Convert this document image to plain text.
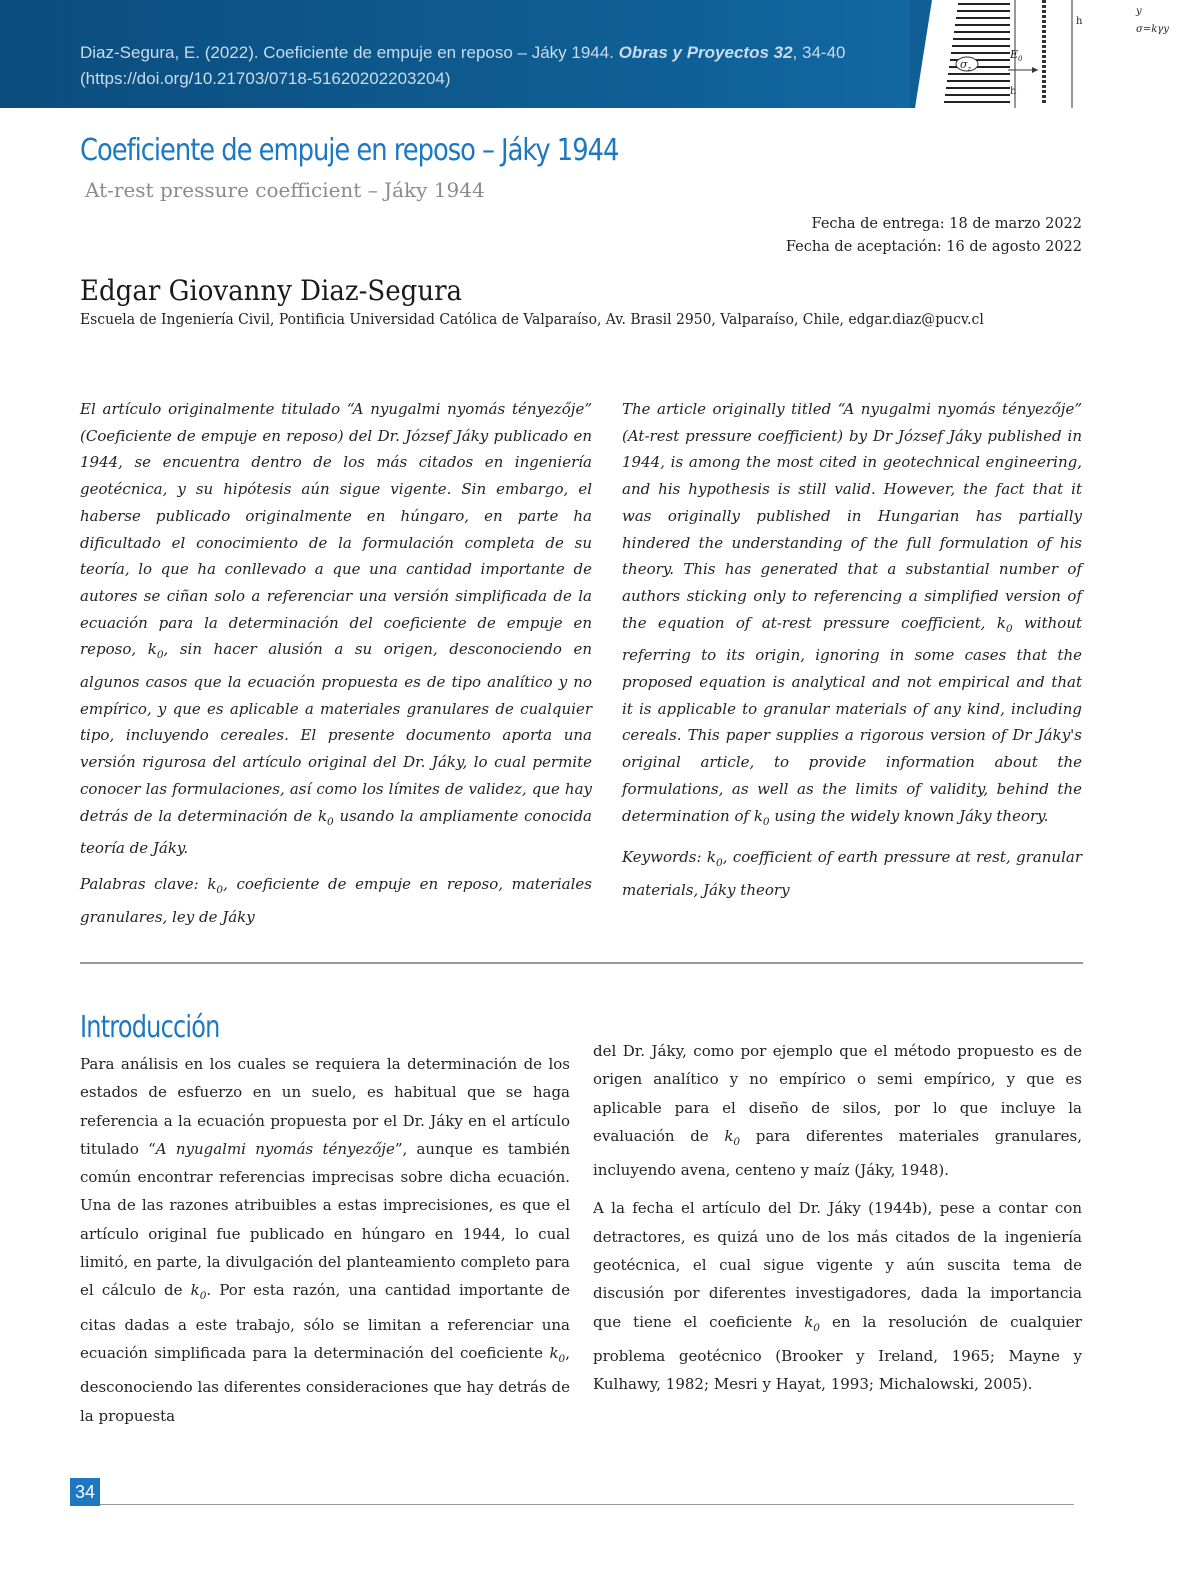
Diaz-Segura, E. (2022). Coeficiente de empuje en reposo – Jáky 1944. Obras y Proyectos 32, 34-40
(https://doi.org/10.21703/0718-51620202203204)
h
$E_0$
$\sigma_z$
h
y
σ=kγy
Coeficiente de empuje en reposo – Jáky 1944
At-rest pressure coefficient – Jáky 1944
Fecha de entrega: 18 de marzo 2022
Fecha de aceptación: 16 de agosto 2022
Edgar Giovanny Diaz-Segura
Escuela de Ingeniería Civil, Pontificia Universidad Católica de Valparaíso, Av. Brasil 2950, Valparaíso, Chile, edgar.diaz@pucv.cl

El artículo originalmente titulado “A nyugalmi nyomás tényezője” (Coeficiente de empuje en reposo) del Dr. József Jáky publicado en 1944, se encuentra dentro de los más citados en ingeniería geotécnica, y su hipótesis aún sigue vigente. Sin embargo, el haberse publicado originalmente en húngaro, en parte ha dificultado el conocimiento de la formulación completa de su teoría, lo que ha conllevado a que una cantidad importante de autores se ciñan solo a referenciar una versión simplificada de la ecuación para la determinación del coeficiente de empuje en reposo, $k_0$, sin hacer alusión a su origen, desconociendo en algunos casos que la ecuación propuesta es de tipo analítico y no empírico, y que es aplicable a materiales granulares de cualquier tipo, incluyendo cereales. El presente documento aporta una versión rigurosa del artículo original del Dr. Jáky, lo cual permite conocer las formulaciones, así como los límites de validez, que hay detrás de la determinación de $k_0$ usando la ampliamente conocida teoría de Jáky.

Palabras clave: $k_0$, coeficiente de empuje en reposo, materiales granulares, ley de Jáky

The article originally titled “A nyugalmi nyomás tényezője” (At-rest pressure coefficient) by Dr József Jáky published in 1944, is among the most cited in geotechnical engineering, and his hypothesis is still valid. However, the fact that it was originally published in Hungarian has partially hindered the understanding of the full formulation of his theory. This has generated that a substantial number of authors sticking only to referencing a simplified version of the equation of at-rest pressure coefficient, $k_0$ without referring to its origin, ignoring in some cases that the proposed equation is analytical and not empirical and that it is applicable to granular materials of any kind, including cereals. This paper supplies a rigorous version of Dr Jáky's original article, to provide information about the formulations, as well as the limits of validity, behind the determination of $k_0$ using the widely known Jáky theory.

Keywords: $k_0$, coefficient of earth pressure at rest, granular materials, Jáky theory

Introducción

Para análisis en los cuales se requiera la determinación de los estados de esfuerzo en un suelo, es habitual que se haga referencia a la ecuación propuesta por el Dr. Jáky en el artículo titulado “A nyugalmi nyomás tényezője”, aunque es también común encontrar referencias imprecisas sobre dicha ecuación. Una de las razones atribuibles a estas imprecisiones, es que el artículo original fue publicado en húngaro en 1944, lo cual limitó, en parte, la divulgación del planteamiento completo para el cálculo de $k_0$. Por esta razón, una cantidad importante de citas dadas a este trabajo, sólo se limitan a referenciar una ecuación simplificada para la determinación del coeficiente $k_0$, desconociendo las diferentes consideraciones que hay detrás de la propuesta

del Dr. Jáky, como por ejemplo que el método propuesto es de origen analítico y no empírico o semi empírico, y que es aplicable para el diseño de silos, por lo que incluye la evaluación de $k_0$ para diferentes materiales granulares, incluyendo avena, centeno y maíz (Jáky, 1948).

A la fecha el artículo del Dr. Jáky (1944b), pese a contar con detractores, es quizá uno de los más citados de la ingeniería geotécnica, el cual sigue vigente y aún suscita tema de discusión por diferentes investigadores, dada la importancia que tiene el coeficiente $k_0$ en la resolución de cualquier problema geotécnico (Brooker y Ireland, 1965; Mayne y Kulhawy, 1982; Mesri y Hayat, 1993; Michalowski, 2005).

34
